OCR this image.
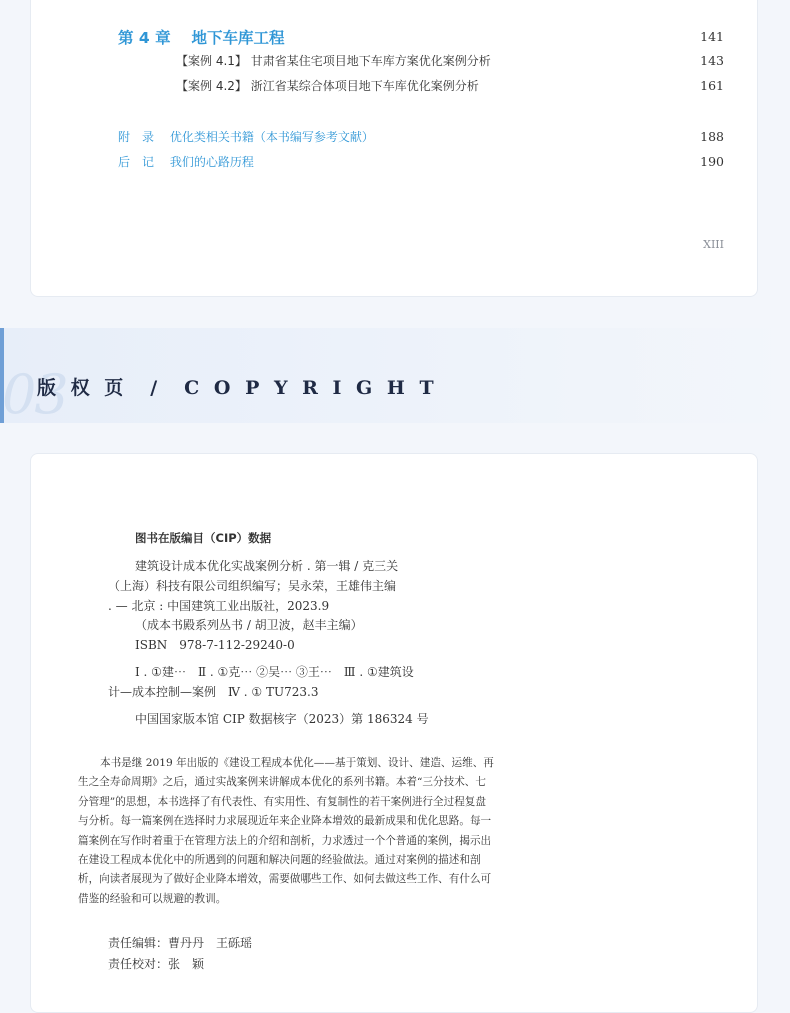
第 4 章　 地下车库工程	141
【案例 4.1】 甘肃省某住宅项目地下车库方案优化案例分析	143
【案例 4.2】 浙江省某综合体项目地下车库优化案例分析	161
附　录　 优化类相关书籍（本书编写参考文献）	188
后　记　 我们的心路历程	190
XIII
03
版 权 页　/　C O P Y R I G H T
图书在版编目（CIP）数据
建筑设计成本优化实战案例分析 . 第一辑 / 克三关
（上海）科技有限公司组织编写；吴永荣，王雄伟主编
. — 北京 : 中国建筑工业出版社，2023.9
（成本书殿系列丛书 / 胡卫波，赵丰主编）
ISBN　978-7-112-29240-0
Ⅰ . ①建⋯　Ⅱ . ①克⋯ ②吴⋯ ③王⋯　Ⅲ . ①建筑设
计—成本控制—案例　Ⅳ . ① TU723.3
中国国家版本馆 CIP 数据核字（2023）第 186324 号

本书是继 2019 年出版的《建设工程成本优化——基于策划、设计、建造、运维、再

生之全寿命周期》之后，通过实战案例来讲解成本优化的系列书籍。本着“三分技术、七

分管理”的思想，本书选择了有代表性、有实用性、有复制性的若干案例进行全过程复盘

与分析。每一篇案例在选择时力求展现近年来企业降本增效的最新成果和优化思路。每一

篇案例在写作时着重于在管理方法上的介绍和剖析，力求透过一个个普通的案例，揭示出

在建设工程成本优化中的所遇到的问题和解决问题的经验做法。通过对案例的描述和剖

析，向读者展现为了做好企业降本增效，需要做哪些工作、如何去做这些工作、有什么可

借鉴的经验和可以规避的教训。

责任编辑：曹丹丹　王砾瑶
责任校对：张　颖
